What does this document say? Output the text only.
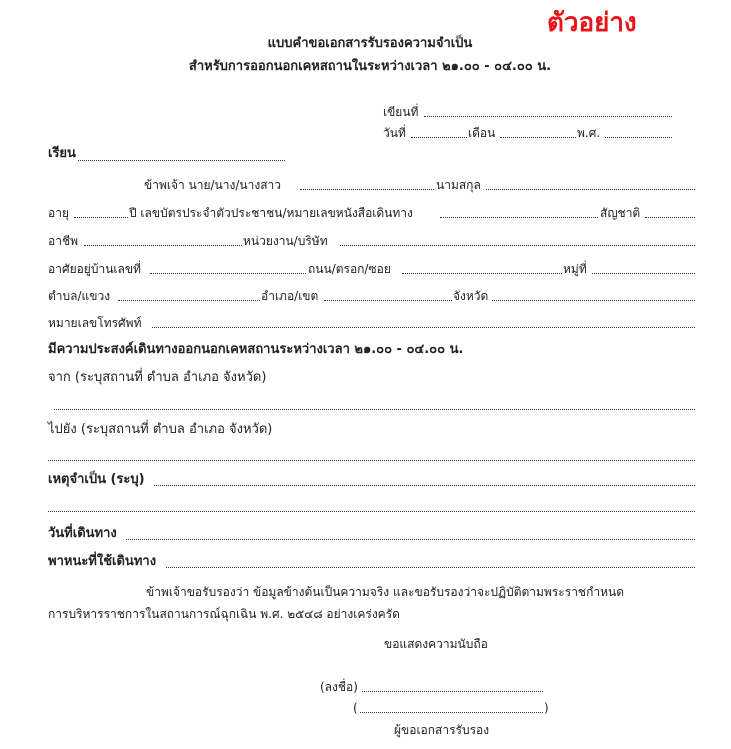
ตัวอย่าง
แบบคำขอเอกสารรับรองความจำเป็น
สำหรับการออกนอกเคหสถานในระหว่างเวลา ๒๑.๐๐ - ๐๔.๐๐ น.
เขียนที่
วันที่	เดือน	พ.ศ.
เรียน
ข้าพเจ้า นาย/นาง/นางสาว	นามสกุล
อายุ	ปี เลขบัตรประจำตัวประชาชน/หมายเลขหนังสือเดินทาง	สัญชาติ
อาชีพ	หน่วยงาน/บริษัท
อาศัยอยู่บ้านเลขที่	ถนน/ตรอก/ซอย	หมู่ที่
ตำบล/แขวง	อำเภอ/เขต	จังหวัด
หมายเลขโทรศัพท์
มีความประสงค์เดินทางออกนอกเคหสถานระหว่างเวลา ๒๑.๐๐ - ๐๔.๐๐ น.
จาก (ระบุสถานที่ ตำบล อำเภอ จังหวัด)
ไปยัง (ระบุสถานที่ ตำบล อำเภอ จังหวัด)
เหตุจำเป็น (ระบุ)
วันที่เดินทาง
พาหนะที่ใช้เดินทาง
ข้าพเจ้าขอรับรองว่า ข้อมูลข้างต้นเป็นความจริง และขอรับรองว่าจะปฏิบัติตามพระราชกำหนด
การบริหารราชการในสถานการณ์ฉุกเฉิน พ.ศ. ๒๕๔๘ อย่างเคร่งครัด
ขอแสดงความนับถือ
(ลงชื่อ)
(	)
ผู้ขอเอกสารรับรอง
